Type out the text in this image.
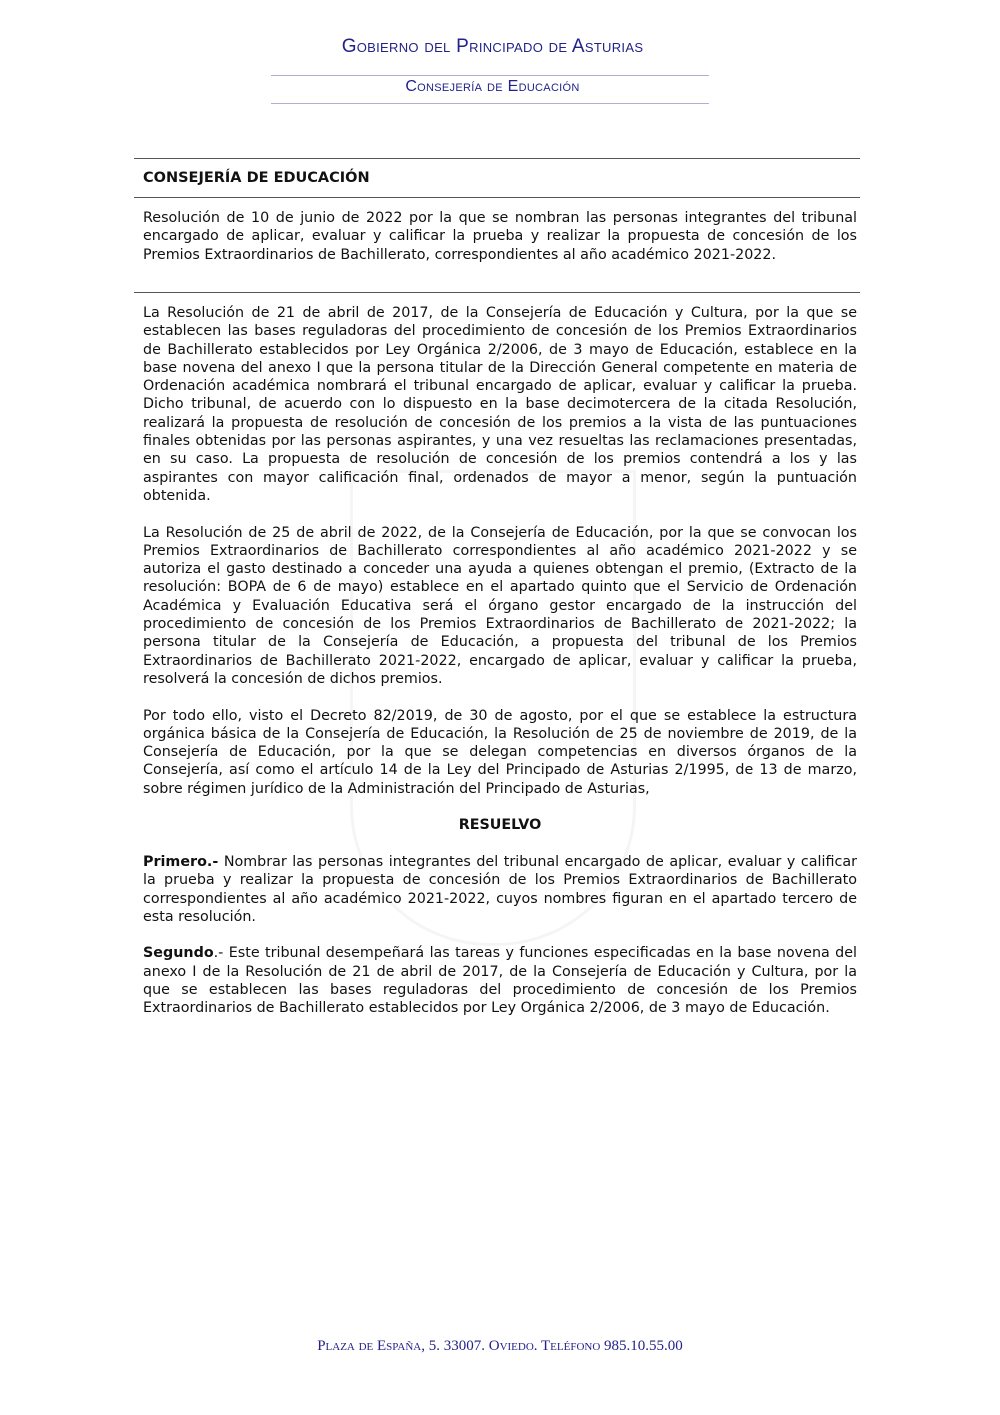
Gobierno del Principado de Asturias
Consejería de Educación
CONSEJERÍA DE EDUCACIÓN
Resolución de 10 de junio de 2022 por la que se nombran las personas integrantes del tribunal encargado de aplicar, evaluar y calificar la prueba y realizar la propuesta de concesión de los Premios Extraordinarios de Bachillerato, correspondientes al año académico 2021-2022.

La Resolución de 21 de abril de 2017, de la Consejería de Educación y Cultura, por la que se establecen las bases reguladoras del procedimiento de concesión de los Premios Extraordinarios de Bachillerato establecidos por Ley Orgánica 2/2006, de 3 mayo de Educación, establece en la base novena del anexo I que la persona titular de la Dirección General competente en materia de Ordenación académica nombrará el tribunal encargado de aplicar, evaluar y calificar la prueba. Dicho tribunal, de acuerdo con lo dispuesto en la base decimotercera de la citada Resolución, realizará la propuesta de resolución de concesión de los premios a la vista de las puntuaciones finales obtenidas por las personas aspirantes, y una vez resueltas las reclamaciones presentadas, en su caso. La propuesta de resolución de concesión de los premios contendrá a los y las aspirantes con mayor calificación final, ordenados de mayor a menor, según la puntuación obtenida.

La Resolución de 25 de abril de 2022, de la Consejería de Educación, por la que se convocan los Premios Extraordinarios de Bachillerato correspondientes al año académico 2021-2022 y se autoriza el gasto destinado a conceder una ayuda a quienes obtengan el premio, (Extracto de la resolución: BOPA de 6 de mayo) establece en el apartado quinto que el Servicio de Ordenación Académica y Evaluación Educativa será el órgano gestor encargado de la instrucción del procedimiento de concesión de los Premios Extraordinarios de Bachillerato de 2021-2022; la persona titular de la Consejería de Educación, a propuesta del tribunal de los Premios Extraordinarios de Bachillerato 2021-2022, encargado de aplicar, evaluar y calificar la prueba, resolverá la concesión de dichos premios.

Por todo ello, visto el Decreto 82/2019, de 30 de agosto, por el que se establece la estructura orgánica básica de la Consejería de Educación, la Resolución de 25 de noviembre de 2019, de la Consejería de Educación, por la que se delegan competencias en diversos órganos de la Consejería, así como el artículo 14 de la Ley del Principado de Asturias 2/1995, de 13 de marzo, sobre régimen jurídico de la Administración del Principado de Asturias,

RESUELVO

Primero.- Nombrar las personas integrantes del tribunal encargado de aplicar, evaluar y calificar la prueba y realizar la propuesta de concesión de los Premios Extraordinarios de Bachillerato correspondientes al año académico 2021-2022, cuyos nombres figuran en el apartado tercero de esta resolución.

Segundo.- Este tribunal desempeñará las tareas y funciones especificadas en la base novena del anexo I de la Resolución de 21 de abril de 2017, de la Consejería de Educación y Cultura, por la que se establecen las bases reguladoras del procedimiento de concesión de los Premios Extraordinarios de Bachillerato establecidos por Ley Orgánica 2/2006, de 3 mayo de Educación.

Plaza de España, 5. 33007. Oviedo. Teléfono 985.10.55.00
